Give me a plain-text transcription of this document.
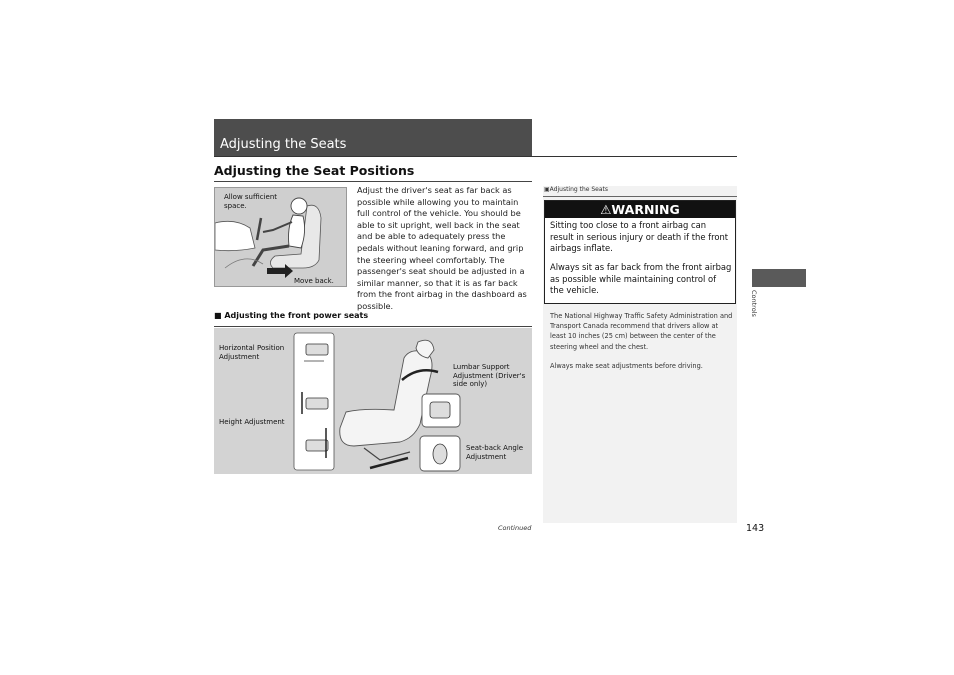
Adjusting the Seats
Adjusting the Seat Positions
Allow sufficient space.
Move back.
Adjust the driver's seat as far back as possible while allowing you to maintain full control of the vehicle. You should be able to sit upright, well back in the seat and be able to adequately press the pedals without leaning forward, and grip the steering wheel comfortably. The passenger's seat should be adjusted in a similar manner, so that it is as far back from the front airbag in the dashboard as possible.
■ Adjusting the front power seats
Horizontal Position Adjustment
Height Adjustment
Lumbar Support Adjustment (Driver's side only)
Seat-back Angle Adjustment
▣Adjusting the Seats
⚠WARNING
Sitting too close to a front airbag can result in serious injury or death if the front airbags inflate.
Always sit as far back from the front airbag as possible while maintaining control of the vehicle.
The National Highway Traffic Safety Administration and Transport Canada recommend that drivers allow at least 10 inches (25 cm) between the center of the steering wheel and the chest.
Always make seat adjustments before driving.
Controls
Continued	143
